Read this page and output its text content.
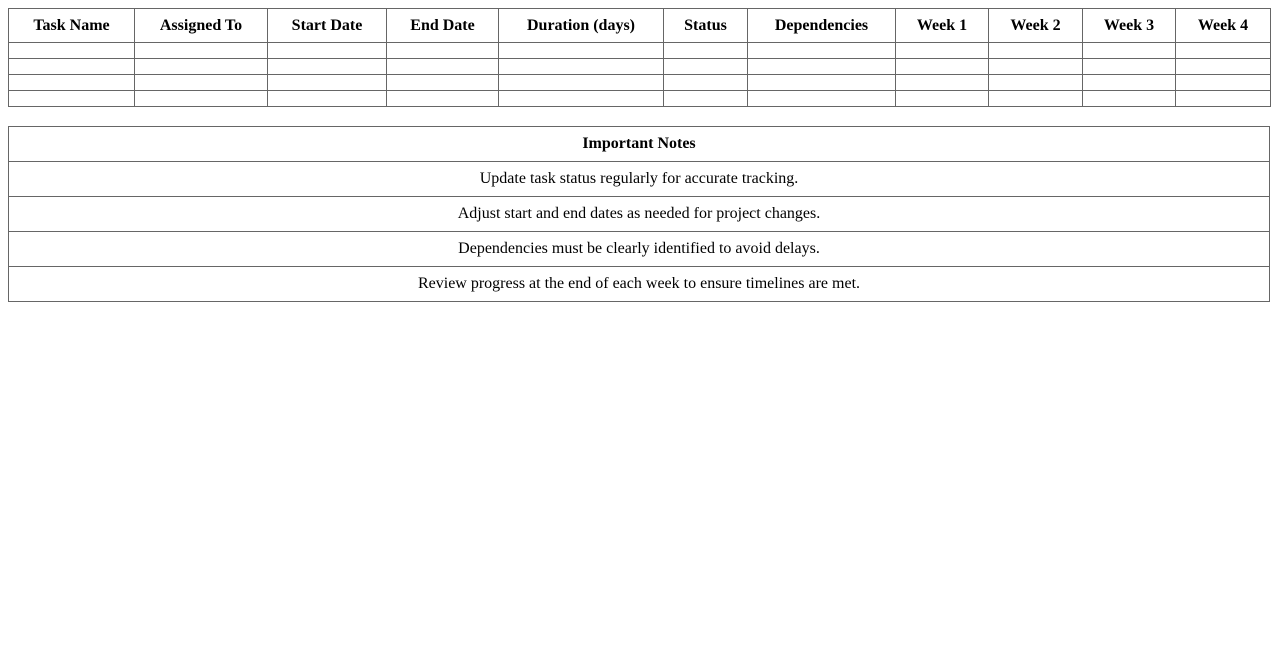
Task Name	Assigned To	Start Date	End Date	Duration (days)	Status	Dependencies	Week 1	Week 2	Week 3	Week 4

Important Notes
Update task status regularly for accurate tracking.
Adjust start and end dates as needed for project changes.
Dependencies must be clearly identified to avoid delays.
Review progress at the end of each week to ensure timelines are met.
